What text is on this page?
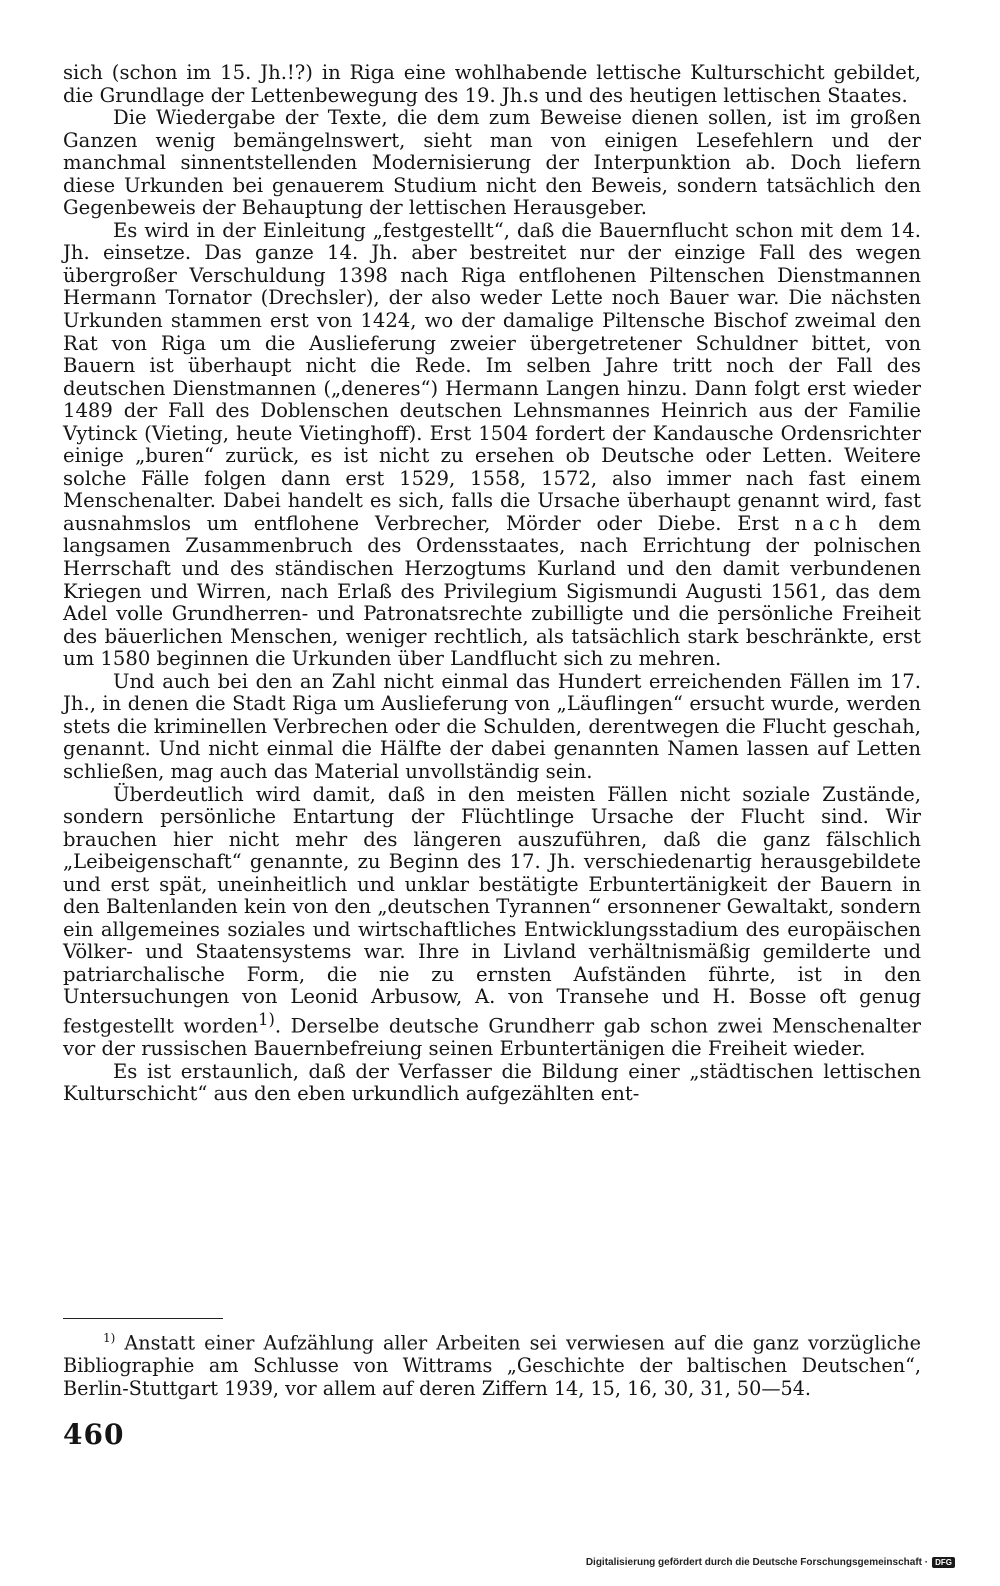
sich (schon im 15. Jh.!?) in Riga eine wohlhabende lettische Kulturschicht gebildet, die Grundlage der Lettenbewegung des 19. Jh.s und des heutigen lettischen Staates.

Die Wiedergabe der Texte, die dem zum Beweise dienen sollen, ist im großen Ganzen wenig bemängelnswert, sieht man von einigen Lesefehlern und der manchmal sinnentstellenden Modernisierung der Interpunktion ab. Doch liefern diese Urkunden bei genauerem Studium nicht den Beweis, sondern tatsächlich den Gegenbeweis der Behauptung der lettischen Herausgeber.

Es wird in der Einleitung „festgestellt“, daß die Bauernflucht schon mit dem 14. Jh. einsetze. Das ganze 14. Jh. aber bestreitet nur der einzige Fall des wegen übergroßer Verschuldung 1398 nach Riga entflohenen Piltenschen Dienstmannen Hermann Tornator (Drechsler), der also weder Lette noch Bauer war. Die nächsten Urkunden stammen erst von 1424, wo der damalige Piltensche Bischof zweimal den Rat von Riga um die Auslieferung zweier übergetretener Schuldner bittet, von Bauern ist überhaupt nicht die Rede. Im selben Jahre tritt noch der Fall des deutschen Dienstmannen („deneres“) Hermann Langen hinzu. Dann folgt erst wieder 1489 der Fall des Doblenschen deutschen Lehnsmannes Heinrich aus der Familie Vytinck (Vieting, heute Vietinghoff). Erst 1504 fordert der Kandausche Ordensrichter einige „buren“ zurück, es ist nicht zu ersehen ob Deutsche oder Letten. Weitere solche Fälle folgen dann erst 1529, 1558, 1572, also immer nach fast einem Menschenalter. Dabei handelt es sich, falls die Ursache überhaupt genannt wird, fast ausnahmslos um entflohene Verbrecher, Mörder oder Diebe. Erst nach dem langsamen Zusammenbruch des Ordensstaates, nach Errichtung der polnischen Herrschaft und des ständischen Herzogtums Kurland und den damit verbundenen Kriegen und Wirren, nach Erlaß des Privilegium Sigismundi Augusti 1561, das dem Adel volle Grundherren- und Patronatsrechte zubilligte und die persönliche Freiheit des bäuerlichen Menschen, weniger rechtlich, als tatsächlich stark beschränkte, erst um 1580 beginnen die Urkunden über Landflucht sich zu mehren.

Und auch bei den an Zahl nicht einmal das Hundert erreichenden Fällen im 17. Jh., in denen die Stadt Riga um Auslieferung von „Läuflingen“ ersucht wurde, werden stets die kriminellen Verbrechen oder die Schulden, derentwegen die Flucht geschah, genannt. Und nicht einmal die Hälfte der dabei genannten Namen lassen auf Letten schließen, mag auch das Material unvollständig sein.

Überdeutlich wird damit, daß in den meisten Fällen nicht soziale Zustände, sondern persönliche Entartung der Flüchtlinge Ursache der Flucht sind. Wir brauchen hier nicht mehr des längeren auszuführen, daß die ganz fälschlich „Leibeigenschaft“ genannte, zu Beginn des 17. Jh. verschiedenartig herausgebildete und erst spät, uneinheitlich und unklar bestätigte Erbuntertänigkeit der Bauern in den Baltenlanden kein von den „deutschen Tyrannen“ ersonnener Gewaltakt, sondern ein allgemeines soziales und wirtschaftliches Entwicklungsstadium des europäischen Völker- und Staatensystems war. Ihre in Livland verhältnismäßig gemilderte und patriarchalische Form, die nie zu ernsten Aufständen führte, ist in den Untersuchungen von Leonid Arbusow, A. von Transehe und H. Bosse oft genug festgestellt worden$^{1)}$. Derselbe deutsche Grundherr gab schon zwei Menschenalter vor der russischen Bauernbefreiung seinen Erbuntertänigen die Freiheit wieder.

Es ist erstaunlich, daß der Verfasser die Bildung einer „städtischen lettischen Kulturschicht“ aus den eben urkundlich aufgezählten ent-

$^{1)}$ Anstatt einer Aufzählung aller Arbeiten sei verwiesen auf die ganz vorzügliche Bibliographie am Schlusse von Wittrams „Geschichte der baltischen Deutschen“, Berlin-Stuttgart 1939, vor allem auf deren Ziffern 14, 15, 16, 30, 31, 50—54.

460
Digitalisierung gefördert durch die Deutsche Forschungsgemeinschaft · DFG
